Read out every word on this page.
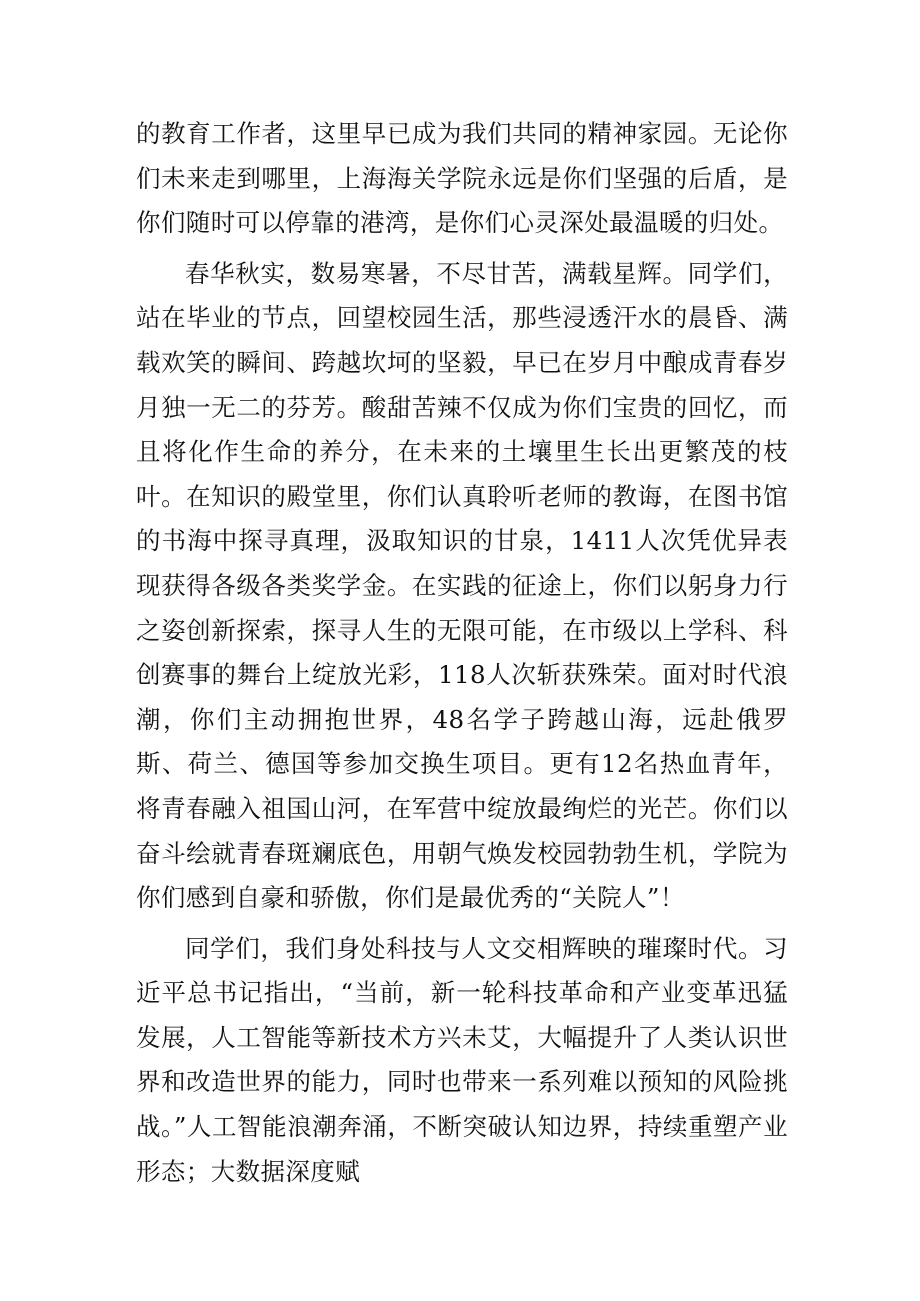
的教育工作者，这里早已成为我们共同的精神家园。无论你们未来走到哪里，上海海关学院永远是你们坚强的后盾，是你们随时可以停靠的港湾，是你们心灵深处最温暖的归处。

春华秋实，数易寒暑，不尽甘苦，满载星辉。同学们，站在毕业的节点，回望校园生活，那些浸透汗水的晨昏、满载欢笑的瞬间、跨越坎坷的坚毅，早已在岁月中酿成青春岁月独一无二的芬芳。酸甜苦辣不仅成为你们宝贵的回忆，而且将化作生命的养分，在未来的土壤里生长出更繁茂的枝叶。在知识的殿堂里，你们认真聆听老师的教诲，在图书馆的书海中探寻真理，汲取知识的甘泉，1411人次凭优异表现获得各级各类奖学金。在实践的征途上，你们以躬身力行之姿创新探索，探寻人生的无限可能，在市级以上学科、科创赛事的舞台上绽放光彩，118人次斩获殊荣。面对时代浪潮，你们主动拥抱世界，48名学子跨越山海，远赴俄罗斯、荷兰、德国等参加交换生项目。更有12名热血青年，将青春融入祖国山河，在军营中绽放最绚烂的光芒。你们以奋斗绘就青春斑斓底色，用朝气焕发校园勃勃生机，学院为你们感到自豪和骄傲，你们是最优秀的“关院人”！

同学们，我们身处科技与人文交相辉映的璀璨时代。习近平总书记指出，“当前，新一轮科技革命和产业变革迅猛发展，人工智能等新技术方兴未艾，大幅提升了人类认识世界和改造世界的能力，同时也带来一系列难以预知的风险挑战。”人工智能浪潮奔涌，不断突破认知边界，持续重塑产业形态；大数据深度赋
